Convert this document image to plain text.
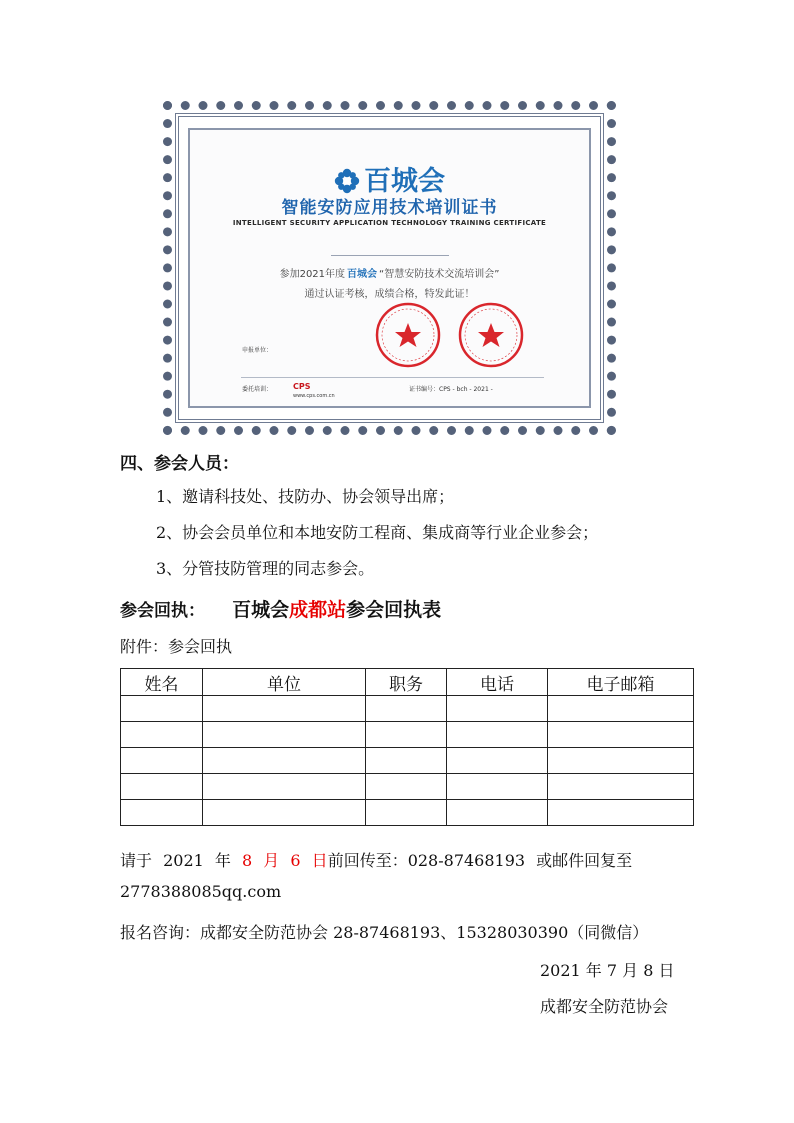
百城会
智能安防应用技术培训证书
INTELLIGENT SECURITY APPLICATION TECHNOLOGY TRAINING CERTIFICATE
参加2021年度 百城会 “智慧安防技术交流培训会”
通过认证考核，成绩合格，特发此证！
申报单位：
委托培训：	CPS
www.cps.com.cn
证书编号：CPS - bch - 2021 -
四、参会人员：
1、邀请科技处、技防办、协会领导出席；
2、协会会员单位和本地安防工程商、集成商等行业企业参会；
3、分管技防管理的同志参会。
参会回执： 百城会成都站参会回执表
附件：参会回执
姓名	单位	职务	电话	电子邮箱

请于 2021 年 8 月 6 日前回传至：028-87468193 或邮件回复至
2778388085qq.com
报名咨询：成都安全防范协会 28-87468193、15328030390（同微信）
2021 年 7 月 8 日
成都安全防范协会
